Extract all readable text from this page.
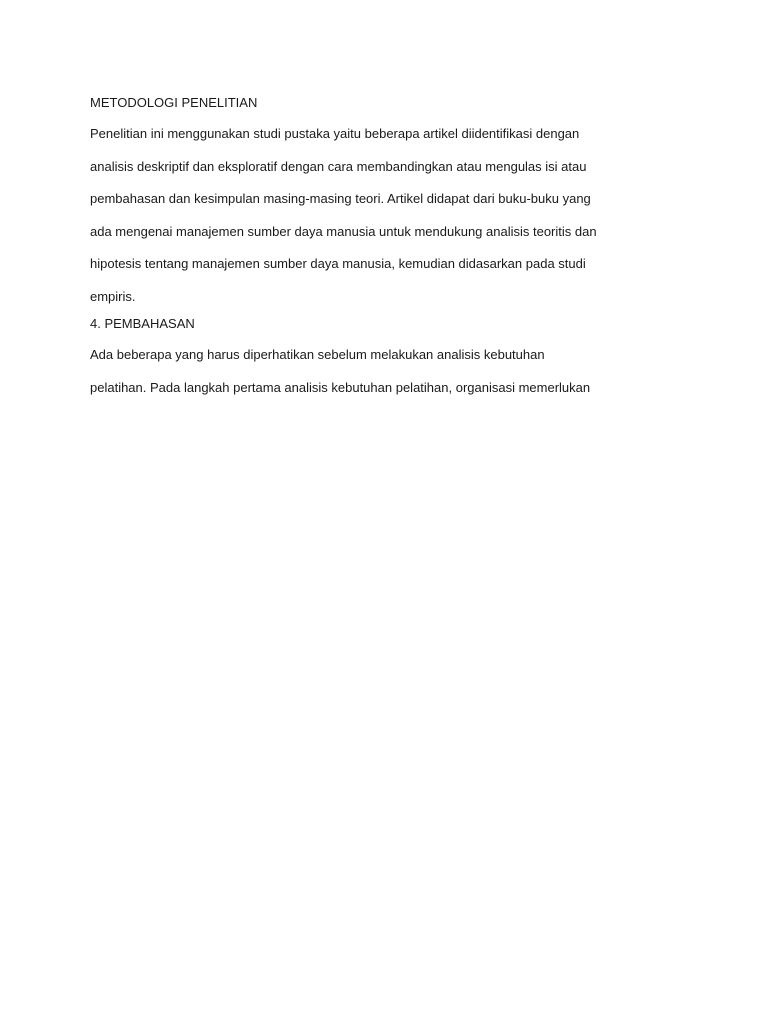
METODOLOGI PENELITIAN
Penelitian ini menggunakan studi pustaka yaitu beberapa artikel diidentifikasi dengan
analisis deskriptif dan eksploratif dengan cara membandingkan atau mengulas isi atau
pembahasan dan kesimpulan masing-masing teori. Artikel didapat dari buku-buku yang
ada mengenai manajemen sumber daya manusia untuk mendukung analisis teoritis dan
hipotesis tentang manajemen sumber daya manusia, kemudian didasarkan pada studi
empiris.
4. PEMBAHASAN
Ada beberapa yang harus diperhatikan sebelum melakukan analisis kebutuhan
pelatihan. Pada langkah pertama analisis kebutuhan pelatihan, organisasi memerlukan
